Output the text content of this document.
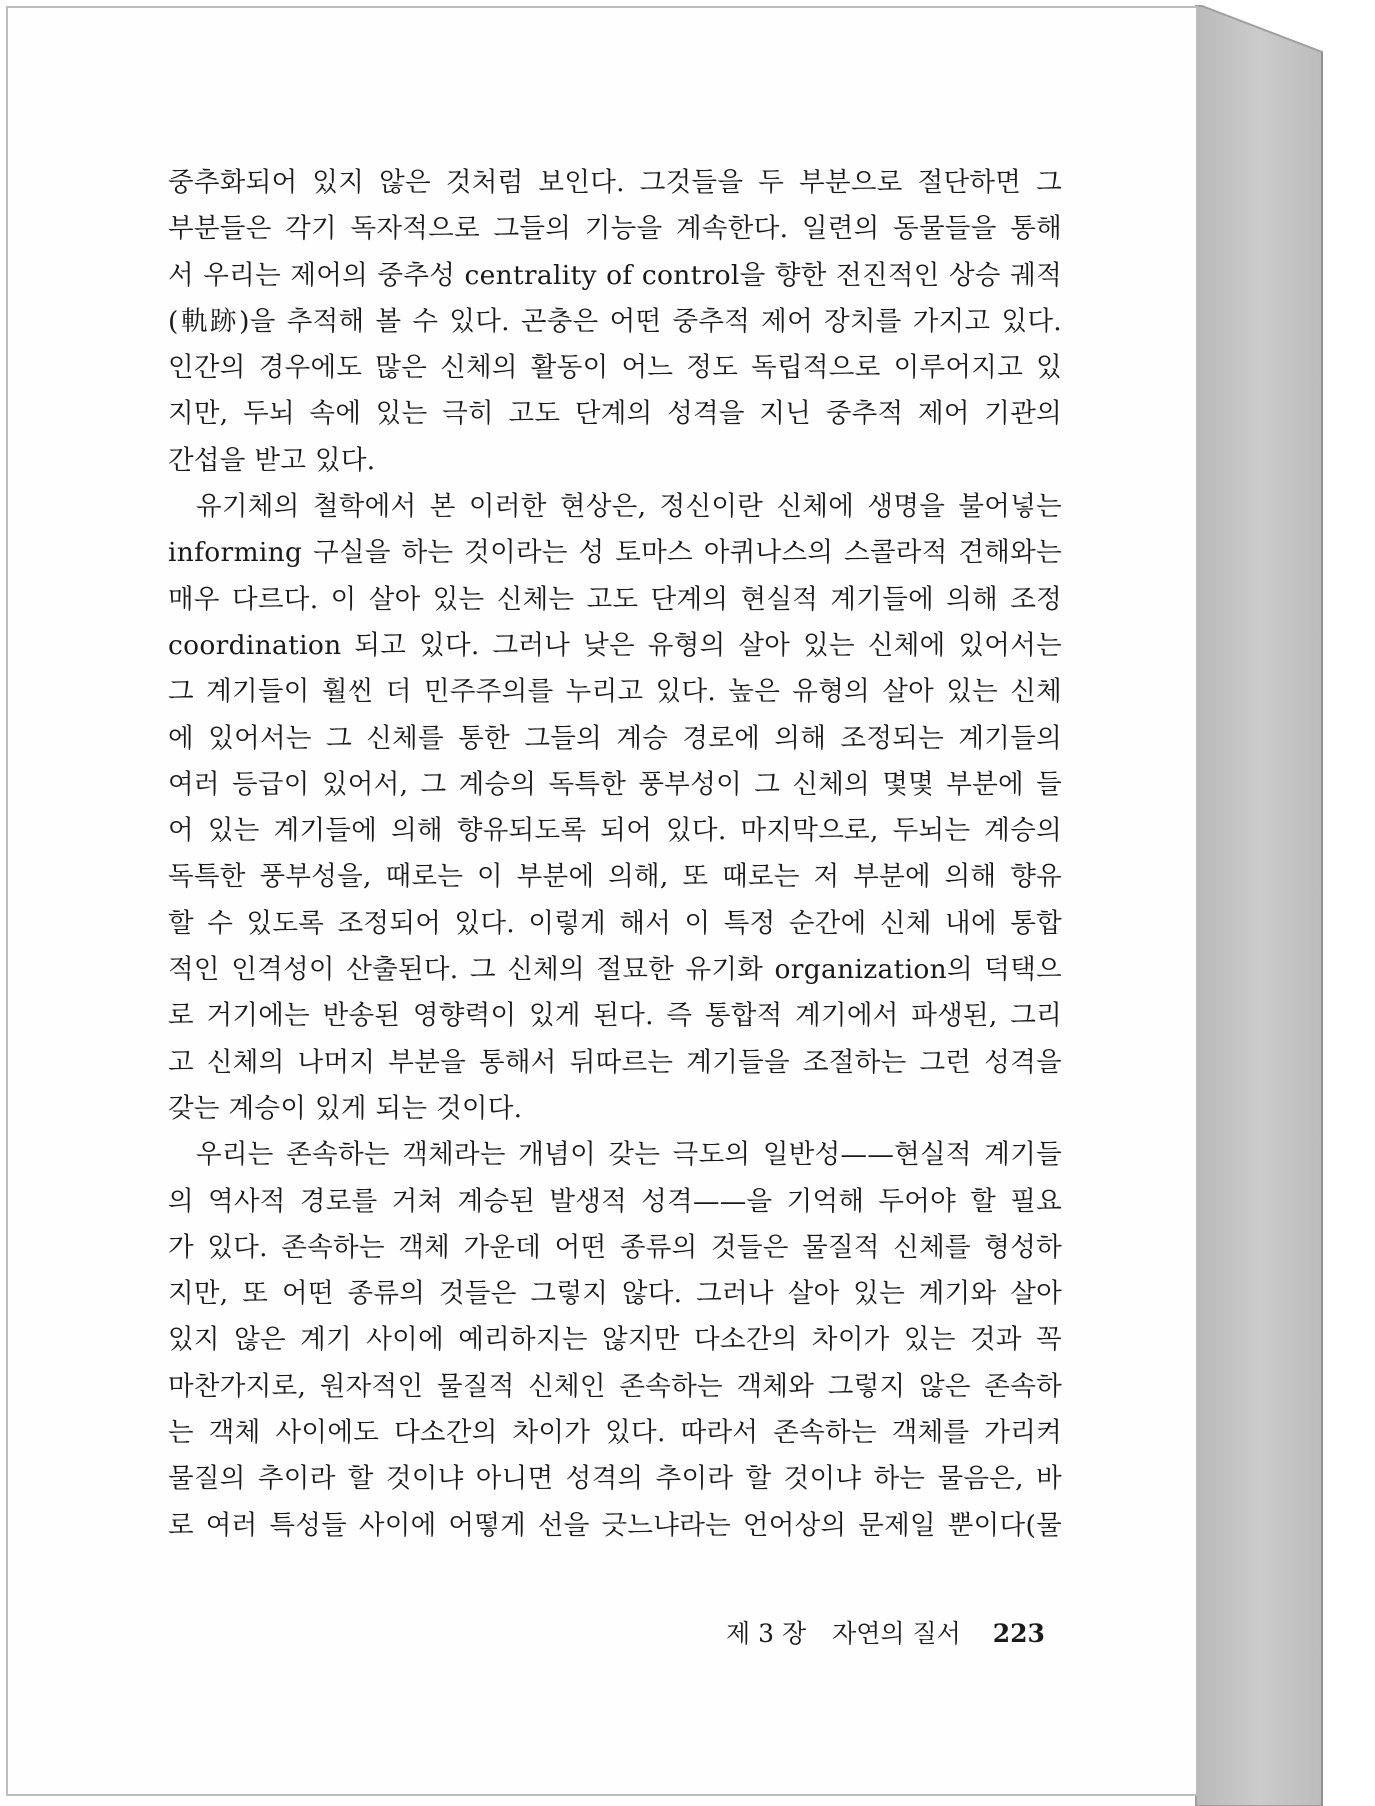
중추화되어 있지 않은 것처럼 보인다. 그것들을 두 부분으로 절단하면 그
부분들은 각기 독자적으로 그들의 기능을 계속한다. 일련의 동물들을 통해
서 우리는 제어의 중추성 centrality of control을 향한 전진적인 상승 궤적
(軌跡)을 추적해 볼 수 있다. 곤충은 어떤 중추적 제어 장치를 가지고 있다.
인간의 경우에도 많은 신체의 활동이 어느 정도 독립적으로 이루어지고 있
지만, 두뇌 속에 있는 극히 고도 단계의 성격을 지닌 중추적 제어 기관의
간섭을 받고 있다.
유기체의 철학에서 본 이러한 현상은, 정신이란 신체에 생명을 불어넣는
informing 구실을 하는 것이라는 성 토마스 아퀴나스의 스콜라적 견해와는
매우 다르다. 이 살아 있는 신체는 고도 단계의 현실적 계기들에 의해 조정
coordination 되고 있다. 그러나 낮은 유형의 살아 있는 신체에 있어서는
그 계기들이 훨씬 더 민주주의를 누리고 있다. 높은 유형의 살아 있는 신체
에 있어서는 그 신체를 통한 그들의 계승 경로에 의해 조정되는 계기들의
여러 등급이 있어서, 그 계승의 독특한 풍부성이 그 신체의 몇몇 부분에 들
어 있는 계기들에 의해 향유되도록 되어 있다. 마지막으로, 두뇌는 계승의
독특한 풍부성을, 때로는 이 부분에 의해, 또 때로는 저 부분에 의해 향유
할 수 있도록 조정되어 있다. 이렇게 해서 이 특정 순간에 신체 내에 통합
적인 인격성이 산출된다. 그 신체의 절묘한 유기화 organization의 덕택으
로 거기에는 반송된 영향력이 있게 된다. 즉 통합적 계기에서 파생된, 그리
고 신체의 나머지 부분을 통해서 뒤따르는 계기들을 조절하는 그런 성격을
갖는 계승이 있게 되는 것이다.
우리는 존속하는 객체라는 개념이 갖는 극도의 일반성——현실적 계기들
의 역사적 경로를 거쳐 계승된 발생적 성격——을 기억해 두어야 할 필요
가 있다. 존속하는 객체 가운데 어떤 종류의 것들은 물질적 신체를 형성하
지만, 또 어떤 종류의 것들은 그렇지 않다. 그러나 살아 있는 계기와 살아
있지 않은 계기 사이에 예리하지는 않지만 다소간의 차이가 있는 것과 꼭
마찬가지로, 원자적인 물질적 신체인 존속하는 객체와 그렇지 않은 존속하
는 객체 사이에도 다소간의 차이가 있다. 따라서 존속하는 객체를 가리켜
물질의 추이라 할 것이냐 아니면 성격의 추이라 할 것이냐 하는 물음은, 바
로 여러 특성들 사이에 어떻게 선을 긋느냐라는 언어상의 문제일 뿐이다(물
제 3 장 자연의 질서 223
